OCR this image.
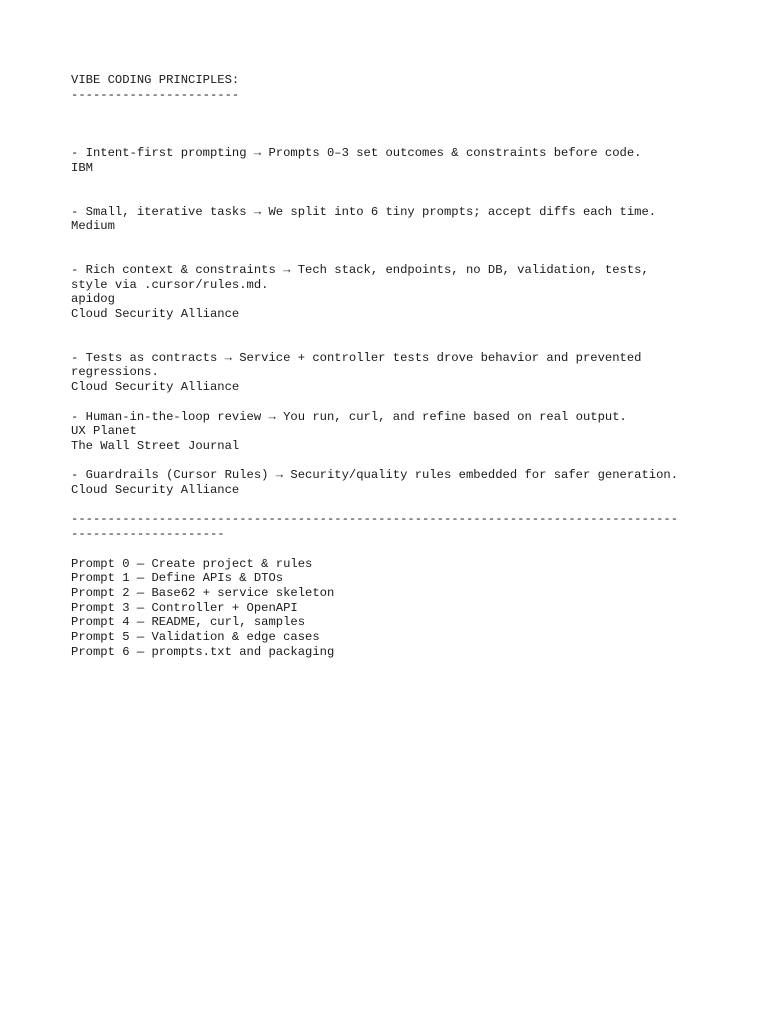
VIBE CODING PRINCIPLES:
-----------------------
- Intent-first prompting → Prompts 0–3 set outcomes & constraints before code.
IBM
- Small, iterative tasks → We split into 6 tiny prompts; accept diffs each time.
Medium
- Rich context & constraints → Tech stack, endpoints, no DB, validation, tests,
style via .cursor/rules.md.
apidog
Cloud Security Alliance
- Tests as contracts → Service + controller tests drove behavior and prevented
regressions.
Cloud Security Alliance
- Human-in-the-loop review → You run, curl, and refine based on real output.
UX Planet
The Wall Street Journal
- Guardrails (Cursor Rules) → Security/quality rules embedded for safer generation.
Cloud Security Alliance
-----------------------------------------------------------------------------------
---------------------
Prompt 0 — Create project & rules
Prompt 1 — Define APIs & DTOs
Prompt 2 — Base62 + service skeleton
Prompt 3 — Controller + OpenAPI
Prompt 4 — README, curl, samples
Prompt 5 — Validation & edge cases
Prompt 6 — prompts.txt and packaging
